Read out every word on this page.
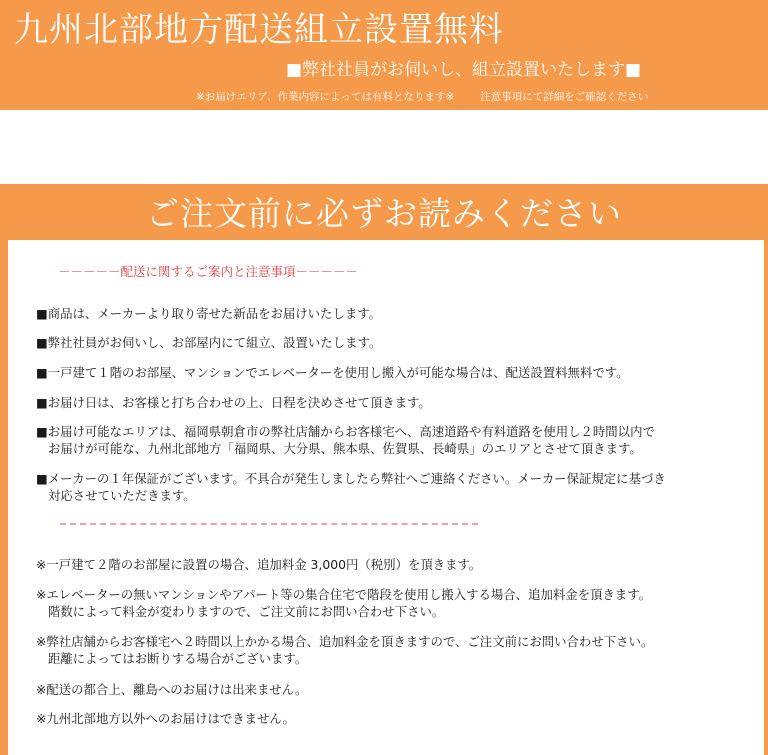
九州北部地方配送組立設置無料
■弊社社員がお伺いし、組立設置いたします■
※お届けエリア、作業内容によっては有料となります※ 注意事項にて詳細をご確認ください
ご注文前に必ずお読みください
－－－－－配送に関するご案内と注意事項－－－－－
■商品は、メーカーより取り寄せた新品をお届けいたします。
■弊社社員がお伺いし、お部屋内にて組立、設置いたします。
■一戸建て１階のお部屋、マンションでエレベーターを使用し搬入が可能な場合は、配送設置料無料です。
■お届け日は、お客様と打ち合わせの上、日程を決めさせて頂きます。
■お届け可能なエリアは、福岡県朝倉市の弊社店舗からお客様宅へ、高速道路や有料道路を使用し２時間以内で
お届けが可能な、九州北部地方「福岡県、大分県、熊本県、佐賀県、長崎県」のエリアとさせて頂きます。
■メーカーの１年保証がございます。不具合が発生しましたら弊社へご連絡ください。メーカー保証規定に基づき
対応させていただきます。
※一戸建て２階のお部屋に設置の場合、追加料金 3,000円（税別）を頂きます。
※エレベーターの無いマンションやアパート等の集合住宅で階段を使用し搬入する場合、追加料金を頂きます。
階数によって料金が変わりますので、ご注文前にお問い合わせ下さい。
※弊社店舗からお客様宅へ２時間以上かかる場合、追加料金を頂きますので、ご注文前にお問い合わせ下さい。
距離によってはお断りする場合がございます。
※配送の都合上、離島へのお届けは出来ません。
※九州北部地方以外へのお届けはできません。
